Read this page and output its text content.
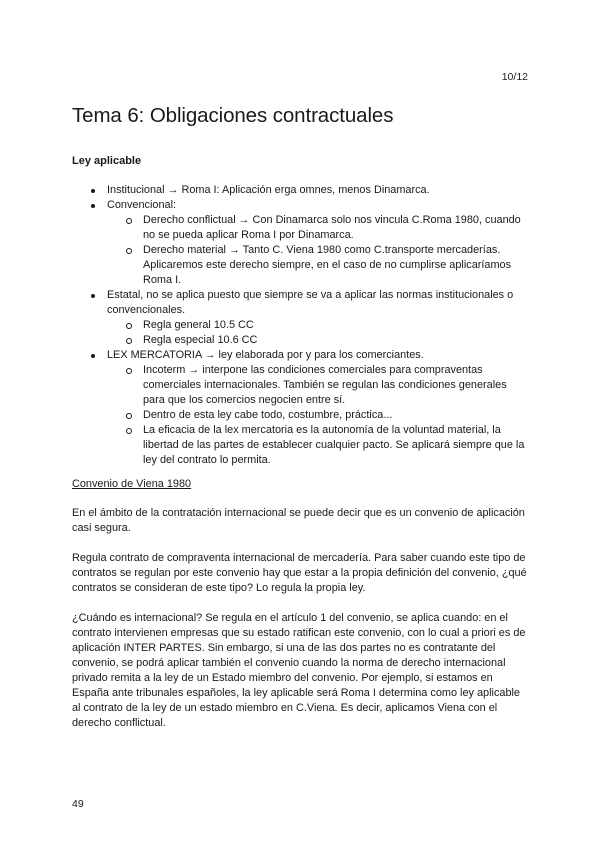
10/12
Tema 6: Obligaciones contractuales
Ley aplicable
Institucional → Roma I: Aplicación erga omnes, menos Dinamarca.
Convencional:
Derecho conflictual → Con Dinamarca solo nos vincula C.Roma 1980, cuando no se pueda aplicar Roma I por Dinamarca.
Derecho material → Tanto C. Viena 1980 como C.transporte mercaderías. Aplicaremos este derecho siempre, en el caso de no cumplirse aplicaríamos Roma I.
Estatal, no se aplica puesto que siempre se va a aplicar las normas institucionales o convencionales.
Regla general 10.5 CC
Regla especial 10.6 CC
LEX MERCATORIA → ley elaborada por y para los comerciantes.
Incoterm → interpone las condiciones comerciales para compraventas comerciales internacionales. También se regulan las condiciones generales para que los comercios negocien entre sí.
Dentro de esta ley cabe todo, costumbre, práctica...
La eficacia de la lex mercatoria es la autonomía de la voluntad material, la libertad de las partes de establecer cualquier pacto. Se aplicará siempre que la ley del contrato lo permita.
Convenio de Viena 1980

En el ámbito de la contratación internacional se puede decir que es un convenio de aplicación casi segura.

Regula contrato de compraventa internacional de mercadería. Para saber cuando este tipo de contratos se regulan por este convenio hay que estar a la propia definición del convenio, ¿qué contratos se consideran de este tipo? Lo regula la propia ley.

¿Cuándo es internacional? Se regula en el artículo 1 del convenio, se aplica cuando: en el contrato intervienen empresas que su estado ratifican este convenio, con lo cual a priori es de aplicación INTER PARTES. Sin embargo, si una de las dos partes no es contratante del convenio, se podrá aplicar también el convenio cuando la norma de derecho internacional privado remita a la ley de un Estado miembro del convenio. Por ejemplo, si estamos en España ante tribunales españoles, la ley aplicable será Roma I determina como ley aplicable al contrato de la ley de un estado miembro en C.Viena. Es decir, aplicamos Viena con el derecho conflictual.

49
